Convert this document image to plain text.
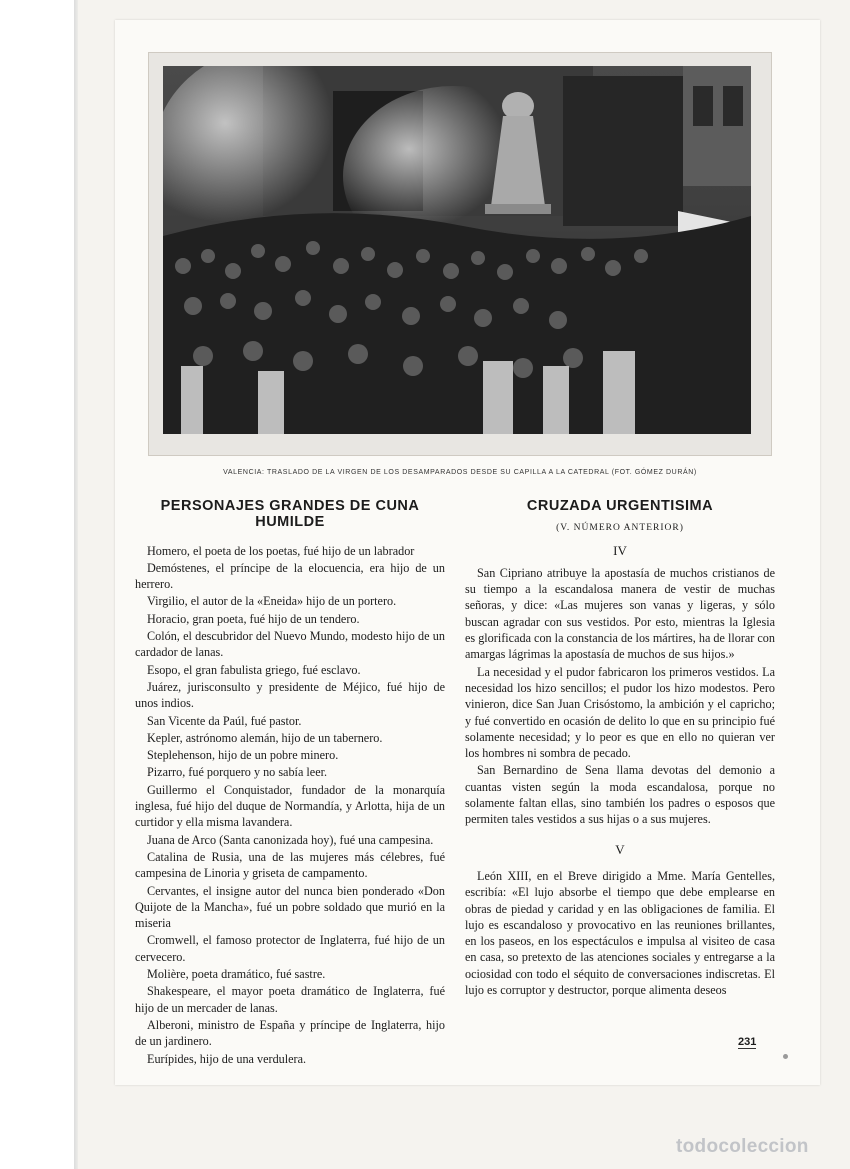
VALENCIA: TRASLADO DE LA VIRGEN DE LOS DESAMPARADOS DESDE SU CAPILLA A LA CATEDRAL (FOT. GÓMEZ DURÁN)
PERSONAJES GRANDES DE CUNA HUMILDE

Homero, el poeta de los poetas, fué hijo de un labrador

Demóstenes, el príncipe de la elocuencia, era hijo de un herrero.

Virgilio, el autor de la «Eneida» hijo de un portero.

Horacio, gran poeta, fué hijo de un tendero.

Colón, el descubridor del Nuevo Mundo, modesto hijo de un cardador de lanas.

Esopo, el gran fabulista griego, fué esclavo.

Juárez, jurisconsulto y presidente de Méjico, fué hijo de unos indios.

San Vicente da Paúl, fué pastor.

Kepler, astrónomo alemán, hijo de un tabernero.

Steplehenson, hijo de un pobre minero.

Pizarro, fué porquero y no sabía leer.

Guillermo el Conquistador, fundador de la monarquía inglesa, fué hijo del duque de Normandía, y Arlotta, hija de un curtidor y ella misma lavandera.

Juana de Arco (Santa canonizada hoy), fué una campesina.

Catalina de Rusia, una de las mujeres más célebres, fué campesina de Linoria y griseta de campamento.

Cervantes, el insigne autor del nunca bien ponderado «Don Quijote de la Mancha», fué un pobre soldado que murió en la miseria

Cromwell, el famoso protector de Inglaterra, fué hijo de un cervecero.

Molière, poeta dramático, fué sastre.

Shakespeare, el mayor poeta dramático de Inglaterra, fué hijo de un mercader de lanas.

Alberoni, ministro de España y príncipe de Inglaterra, hijo de un jardinero.

Eurípides, hijo de una verdulera.

CRUZADA URGENTISIMA
(V. NÚMERO ANTERIOR)
IV

San Cipriano atribuye la apostasía de muchos cristianos de su tiempo a la escandalosa manera de vestir de muchas señoras, y dice: «Las mujeres son vanas y ligeras, y sólo buscan agradar con sus vestidos. Por esto, mientras la Iglesia es glorificada con la constancia de los mártires, ha de llorar con amargas lágrimas la apostasía de muchos de sus hijos.»

La necesidad y el pudor fabricaron los primeros vestidos. La necesidad los hizo sencillos; el pudor los hizo modestos. Pero vinieron, dice San Juan Crisóstomo, la ambición y el capricho; y fué convertido en ocasión de delito lo que en su principio fué solamente necesidad; y lo peor es que en ello no quieran ver los hombres ni sombra de pecado.

San Bernardino de Sena llama devotas del demonio a cuantas visten según la moda escandalosa, porque no solamente faltan ellas, sino también los padres o esposos que permiten tales vestidos a sus hijas o a sus mujeres.

V

León XIII, en el Breve dirigido a Mme. María Gentelles, escribía: «El lujo absorbe el tiempo que debe emplearse en obras de piedad y caridad y en las obligaciones de familia. El lujo es escandaloso y provocativo en las reuniones brillantes, en los paseos, en los espectáculos e impulsa al visiteo de casa en casa, so pretexto de las atenciones sociales y entregarse a la ociosidad con todo el séquito de conversaciones indiscretas. El lujo es corruptor y destructor, porque alimenta deseos

231
todocoleccion
